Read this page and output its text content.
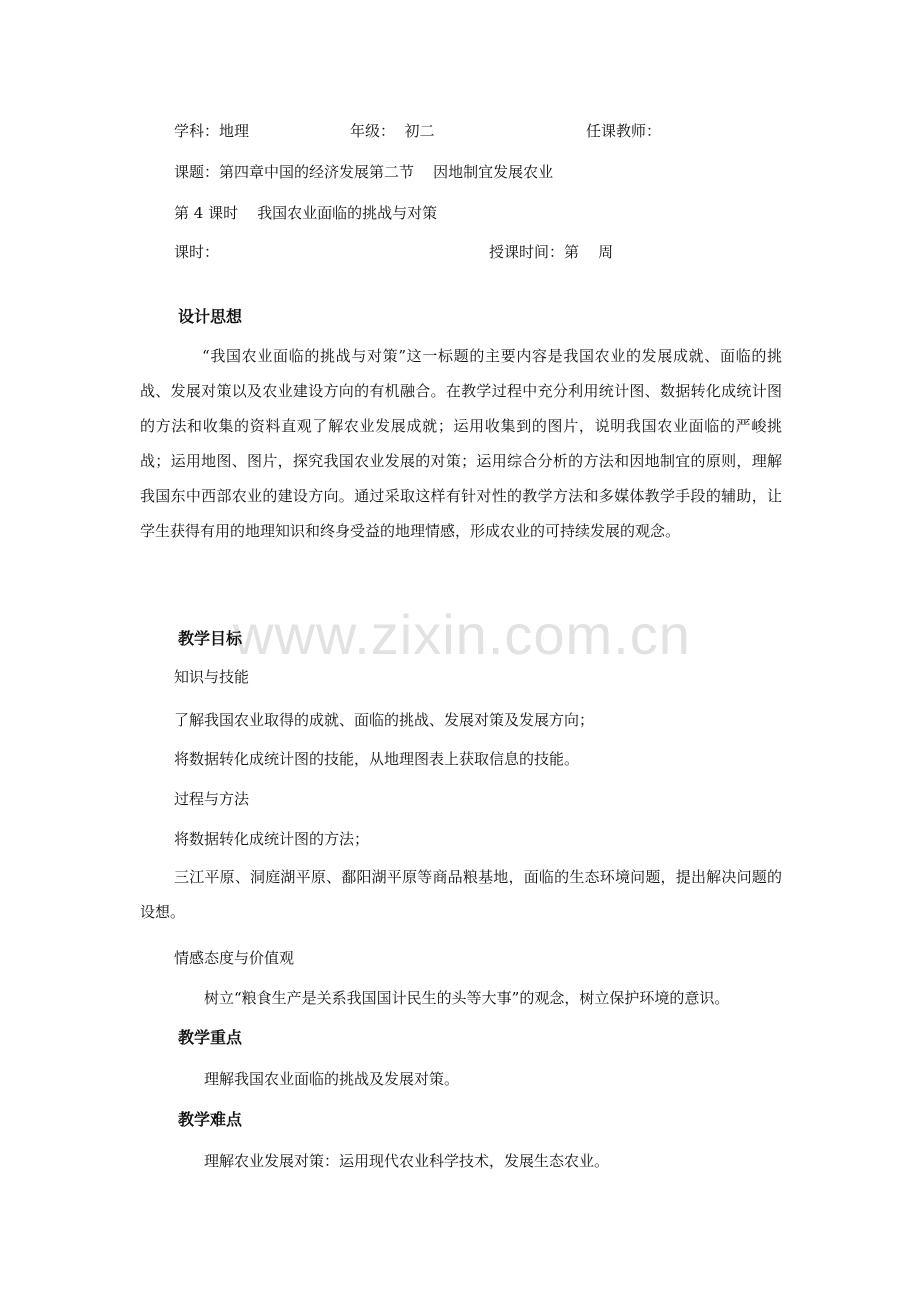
学科：地理	年级：  初二	任课教师：
课题：第四章中国的经济发展第二节    因地制宜发展农业
第 4 课时    我国农业面临的挑战与对策
课时：	授课时间：第    周
设计思想
“我国农业面临的挑战与对策”这一标题的主要内容是我国农业的发展成就、面临的挑战、发展对策以及农业建设方向的有机融合。在教学过程中充分利用统计图、数据转化成统计图的方法和收集的资料直观了解农业发展成就；运用收集到的图片，说明我国农业面临的严峻挑战；运用地图、图片，探究我国农业发展的对策；运用综合分析的方法和因地制宜的原则，理解我国东中西部农业的建设方向。通过采取这样有针对性的教学方法和多媒体教学手段的辅助，让学生获得有用的地理知识和终身受益的地理情感，形成农业的可持续发展的观念。
www.zixin.com.cn
教学目标
知识与技能
了解我国农业取得的成就、面临的挑战、发展对策及发展方向；
将数据转化成统计图的技能，从地理图表上获取信息的技能。
过程与方法
将数据转化成统计图的方法；
三江平原、洞庭湖平原、鄱阳湖平原等商品粮基地，面临的生态环境问题，提出解决问题的设想。
情感态度与价值观
树立“粮食生产是关系我国国计民生的头等大事”的观念，树立保护环境的意识。
教学重点
理解我国农业面临的挑战及发展对策。
教学难点
理解农业发展对策：运用现代农业科学技术，发展生态农业。
